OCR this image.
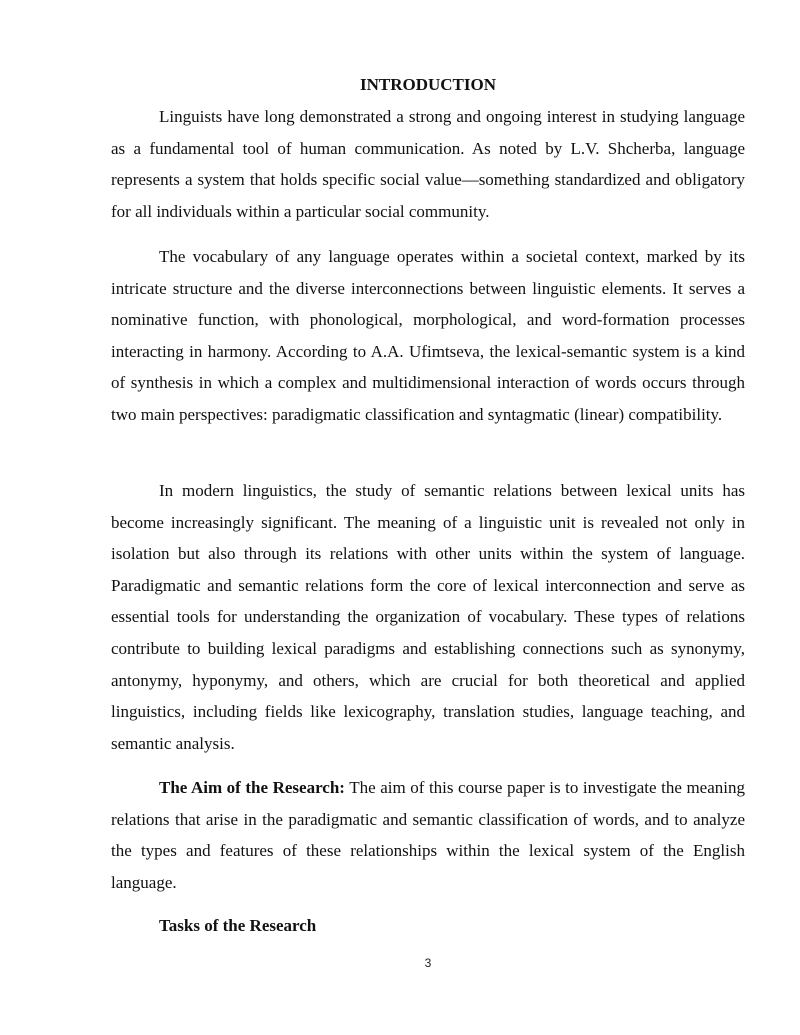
INTRODUCTION

Linguists have long demonstrated a strong and ongoing interest in studying language as a fundamental tool of human communication. As noted by L.V. Shcherba, language represents a system that holds specific social value—something standardized and obligatory for all individuals within a particular social community.

The vocabulary of any language operates within a societal context, marked by its intricate structure and the diverse interconnections between linguistic elements. It serves a nominative function, with phonological, morphological, and word-formation processes interacting in harmony. According to A.A. Ufimtseva, the lexical-semantic system is a kind of synthesis in which a complex and multidimensional interaction of words occurs through two main perspectives: paradigmatic classification and syntagmatic (linear) compatibility.

In modern linguistics, the study of semantic relations between lexical units has become increasingly significant. The meaning of a linguistic unit is revealed not only in isolation but also through its relations with other units within the system of language. Paradigmatic and semantic relations form the core of lexical interconnection and serve as essential tools for understanding the organization of vocabulary. These types of relations contribute to building lexical paradigms and establishing connections such as synonymy, antonymy, hyponymy, and others, which are crucial for both theoretical and applied linguistics, including fields like lexicography, translation studies, language teaching, and semantic analysis.

The Aim of the Research: The aim of this course paper is to investigate the meaning relations that arise in the paradigmatic and semantic classification of words, and to analyze the types and features of these relationships within the lexical system of the English language.

Tasks of the Research

3
